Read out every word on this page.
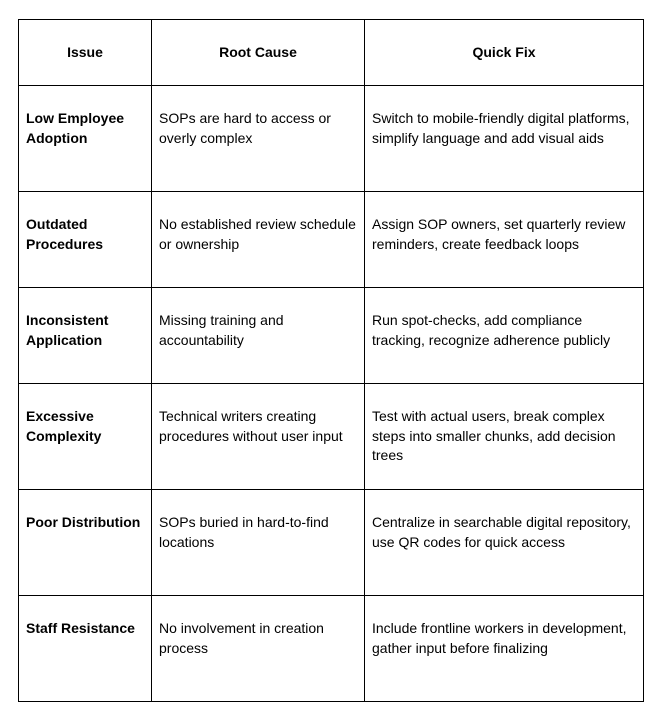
Issue	Root Cause	Quick Fix
Low Employee Adoption	SOPs are hard to access or overly complex	Switch to mobile-friendly digital platforms, simplify language and add visual aids
Outdated Procedures	No established review schedule or ownership	Assign SOP owners, set quarterly review reminders, create feedback loops
Inconsistent Application	Missing training and accountability	Run spot-checks, add compliance tracking, recognize adherence publicly
Excessive Complexity	Technical writers creating procedures without user input	Test with actual users, break complex steps into smaller chunks, add decision trees
Poor Distribution	SOPs buried in hard-to-find locations	Centralize in searchable digital repository, use QR codes for quick access
Staff Resistance	No involvement in creation process	Include frontline workers in development, gather input before finalizing
